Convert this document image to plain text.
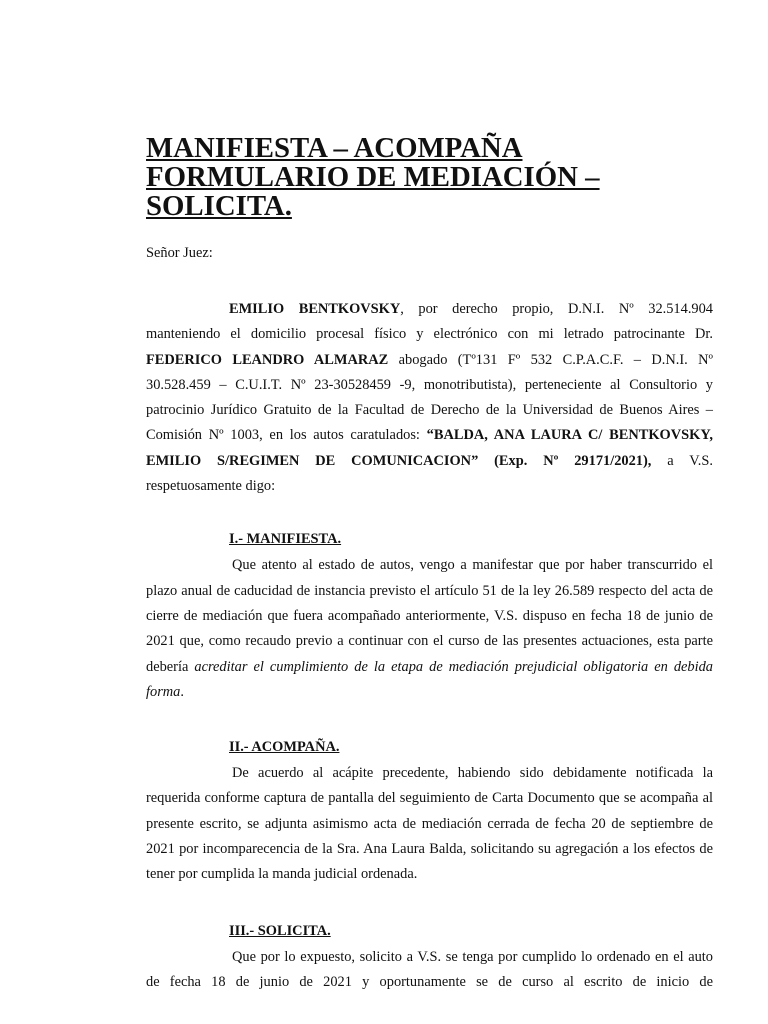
MANIFIESTA – ACOMPAÑA FORMULARIO DE MEDIACIÓN –
SOLICITA.

Señor Juez:

EMILIO BENTKOVSKY, por derecho propio, D.N.I. Nº 32.514.904 manteniendo el domicilio procesal físico y electrónico con mi letrado patrocinante Dr. FEDERICO LEANDRO ALMARAZ abogado (Tº131 Fº 532 C.P.A.C.F. – D.N.I. Nº 30.528.459 – C.U.I.T. Nº 23-30528459 -9, monotributista), perteneciente al Consultorio y patrocinio Jurídico Gratuito de la Facultad de Derecho de la Universidad de Buenos Aires – Comisión Nº 1003, en los autos caratulados: “BALDA, ANA LAURA C/ BENTKOVSKY, EMILIO S/REGIMEN DE COMUNICACION” (Exp. Nº 29171/2021), a V.S. respetuosamente digo:

I.- MANIFIESTA.

Que atento al estado de autos, vengo a manifestar que por haber transcurrido el plazo anual de caducidad de instancia previsto el artículo 51 de la ley 26.589 respecto del acta de cierre de mediación que fuera acompañado anteriormente, V.S. dispuso en fecha 18 de junio de 2021 que, como recaudo previo a continuar con el curso de las presentes actuaciones, esta parte debería acreditar el cumplimiento de la etapa de mediación prejudicial obligatoria en debida forma.

II.- ACOMPAÑA.

De acuerdo al acápite precedente, habiendo sido debidamente notificada la requerida conforme captura de pantalla del seguimiento de Carta Documento que se acompaña al presente escrito, se adjunta asimismo acta de mediación cerrada de fecha 20 de septiembre de 2021 por incomparecencia de la Sra. Ana Laura Balda, solicitando su agregación a los efectos de tener por cumplida la manda judicial ordenada.

III.- SOLICITA.

Que por lo expuesto, solicito a V.S. se tenga por cumplido lo ordenado en el auto de fecha 18 de junio de 2021 y oportunamente se de curso al escrito de inicio de
